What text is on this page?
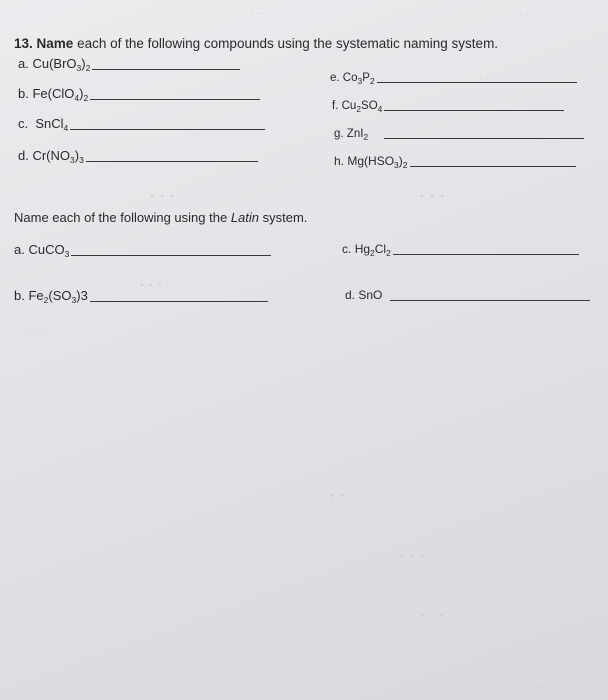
. . .	. . .
. . .
. . .	. . .
. . .
. . .
. . .
. . .
. . .
. . .
. . .
. . .
13. Name each of the following compounds using the systematic naming system.
a.
$Cu(BrO_3)_2$
b.
$Fe(ClO_4)_2$
c.
SnCl$_4$
d.
$Cr(NO_3)_3$
e.
$Co_3P_2$
f.
$Cu_2SO_4$
g.
ZnI$_2$
h.
$Mg(HSO_3)_2$
Name each of the following using the Latin system.
a.
CuCO$_3$	c.
$Hg_2Cl_2$
b.
$Fe_2(SO_3)3$	d.
SnO
